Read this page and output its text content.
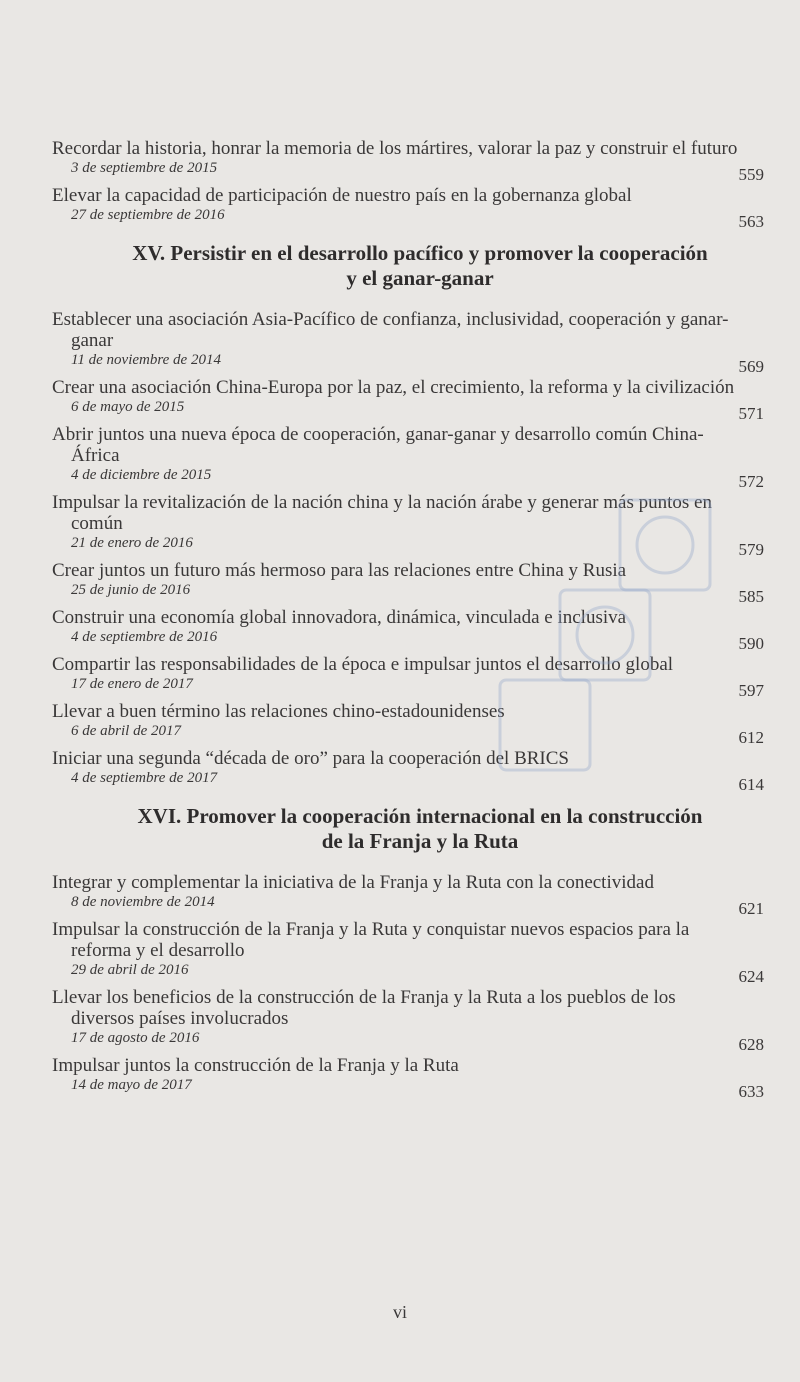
Recordar la historia, honrar la memoria de los mártires, valorar la paz y construir el futuro
3 de septiembre de 2015	559
Elevar la capacidad de participación de nuestro país en la gobernanza global
27 de septiembre de 2016	563
XV. Persistir en el desarrollo pacífico y promover la cooperación
y el ganar-ganar
Establecer una asociación Asia-Pacífico de confianza, inclusividad, cooperación y ganar-ganar
11 de noviembre de 2014	569
Crear una asociación China-Europa por la paz, el crecimiento, la reforma y la civilización
6 de mayo de 2015	571
Abrir juntos una nueva época de cooperación, ganar-ganar y desarrollo común China-África
4 de diciembre de 2015	572
Impulsar la revitalización de la nación china y la nación árabe y generar más puntos en común
21 de enero de 2016	579
Crear juntos un futuro más hermoso para las relaciones entre China y Rusia
25 de junio de 2016	585
Construir una economía global innovadora, dinámica, vinculada e inclusiva
4 de septiembre de 2016	590
Compartir las responsabilidades de la época e impulsar juntos el desarrollo global
17 de enero de 2017	597
Llevar a buen término las relaciones chino-estadounidenses
6 de abril de 2017	612
Iniciar una segunda “década de oro” para la cooperación del BRICS
4 de septiembre de 2017	614
XVI. Promover la cooperación internacional en la construcción
de la Franja y la Ruta
Integrar y complementar la iniciativa de la Franja y la Ruta con la conectividad
8 de noviembre de 2014	621
Impulsar la construcción de la Franja y la Ruta y conquistar nuevos espacios para la reforma y el desarrollo
29 de abril de 2016	624
Llevar los beneficios de la construcción de la Franja y la Ruta a los pueblos de los diversos países involucrados
17 de agosto de 2016	628
Impulsar juntos la construcción de la Franja y la Ruta
14 de mayo de 2017	633
vi
